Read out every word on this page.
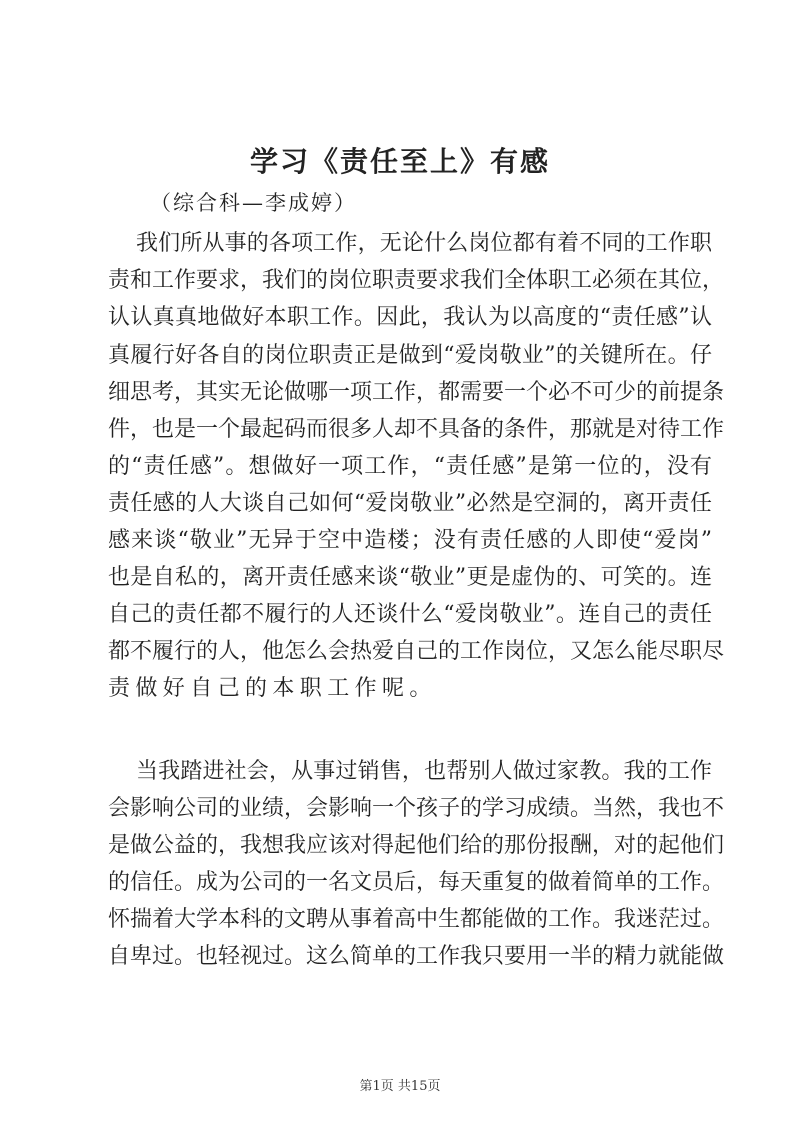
学习《责任至上》有感
（综合科—李成婷）
我们所从事的各项工作，无论什么岗位都有着不同的工作职
责和工作要求，我们的岗位职责要求我们全体职工必须在其位，
认认真真地做好本职工作。因此，我认为以高度的“责任感”认
真履行好各自的岗位职责正是做到“爱岗敬业”的关键所在。仔
细思考，其实无论做哪一项工作，都需要一个必不可少的前提条
件，也是一个最起码而很多人却不具备的条件，那就是对待工作
的“责任感”。想做好一项工作，“责任感”是第一位的，没有
责任感的人大谈自己如何“爱岗敬业”必然是空洞的，离开责任
感来谈“敬业”无异于空中造楼；没有责任感的人即使“爱岗”
也是自私的，离开责任感来谈“敬业”更是虚伪的、可笑的。连
自己的责任都不履行的人还谈什么“爱岗敬业”。连自己的责任
都不履行的人，他怎么会热爱自己的工作岗位，又怎么能尽职尽
责做好自己的本职工作呢。
当我踏进社会，从事过销售，也帮别人做过家教。我的工作
会影响公司的业绩，会影响一个孩子的学习成绩。当然，我也不
是做公益的，我想我应该对得起他们给的那份报酬，对的起他们
的信任。成为公司的一名文员后，每天重复的做着简单的工作。
怀揣着大学本科的文聘从事着高中生都能做的工作。我迷茫过。
自卑过。也轻视过。这么简单的工作我只要用一半的精力就能做
第1页 共15页
